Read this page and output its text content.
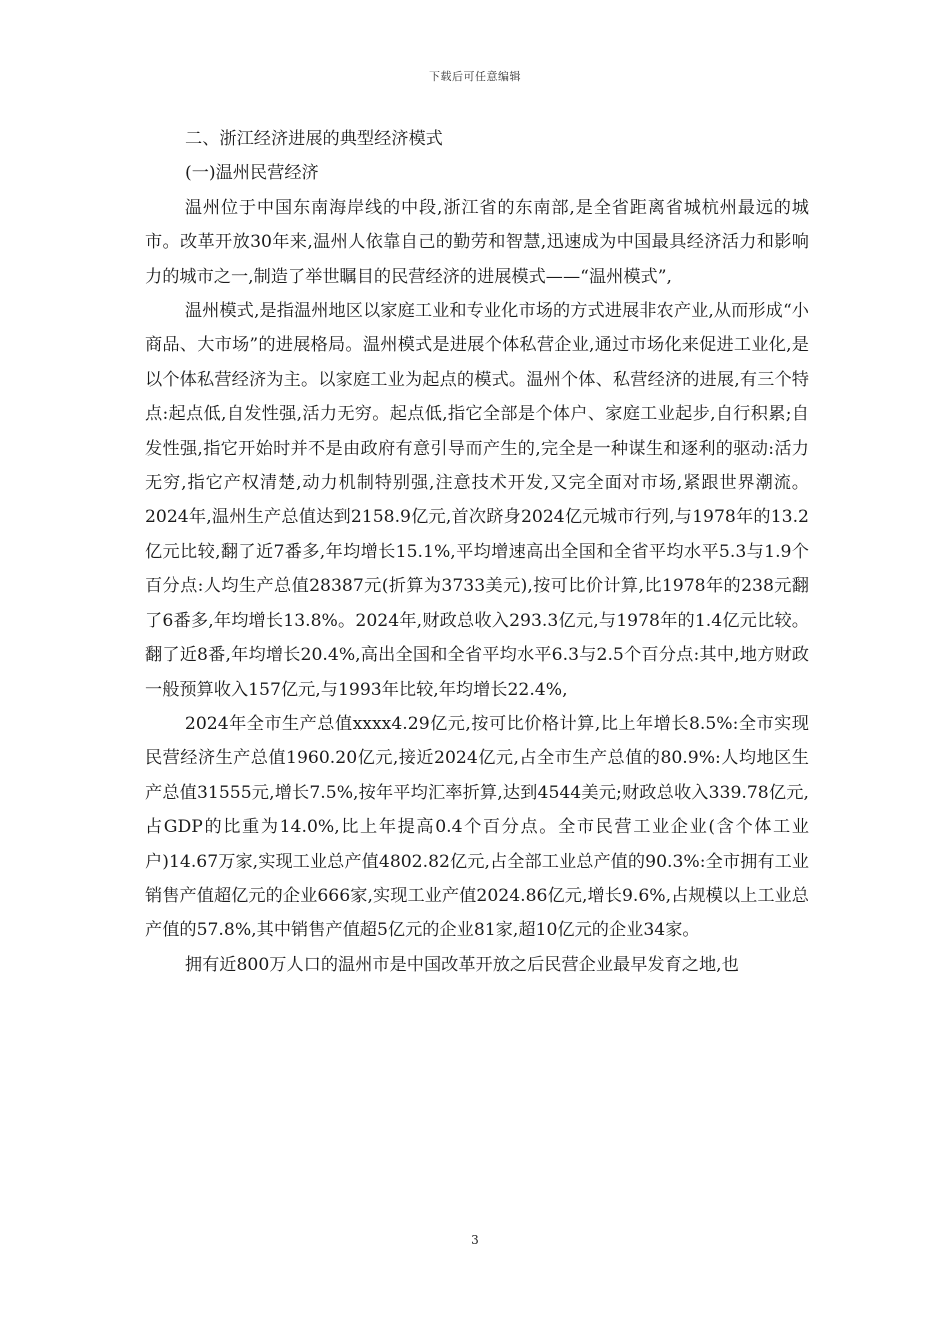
下载后可任意编辑

二、浙江经济进展的典型经济模式

(一)温州民营经济

温州位于中国东南海岸线的中段,浙江省的东南部,是全省距离省城杭州最远的城市。改革开放30年来,温州人依靠自己的勤劳和智慧,迅速成为中国最具经济活力和影响力的城市之一,制造了举世瞩目的民营经济的进展模式——“温州模式”,

温州模式,是指温州地区以家庭工业和专业化市场的方式进展非农产业,从而形成“小商品、大市场”的进展格局。温州模式是进展个体私营企业,通过市场化来促进工业化,是以个体私营经济为主。以家庭工业为起点的模式。温州个体、私营经济的进展,有三个特点:起点低,自发性强,活力无穷。起点低,指它全部是个体户、家庭工业起步,自行积累;自发性强,指它开始时并不是由政府有意引导而产生的,完全是一种谋生和逐利的驱动:活力无穷,指它产权清楚,动力机制特别强,注意技术开发,又完全面对市场,紧跟世界潮流。2024年,温州生产总值达到2158.9亿元,首次跻身2024亿元城市行列,与1978年的13.2亿元比较,翻了近7番多,年均增长15.1%,平均增速高出全国和全省平均水平5.3与1.9个百分点:人均生产总值28387元(折算为3733美元),按可比价计算,比1978年的238元翻了6番多,年均增长13.8%。2024年,财政总收入293.3亿元,与1978年的1.4亿元比较。翻了近8番,年均增长20.4%,高出全国和全省平均水平6.3与2.5个百分点:其中,地方财政一般预算收入157亿元,与1993年比较,年均增长22.4%,

2024年全市生产总值xxxx4.29亿元,按可比价格计算,比上年增长8.5%:全市实现民营经济生产总值1960.20亿元,接近2024亿元,占全市生产总值的80.9%:人均地区生产总值31555元,增长7.5%,按年平均汇率折算,达到4544美元;财政总收入339.78亿元,占GDP的比重为14.0%,比上年提高0.4个百分点。全市民营工业企业(含个体工业户)14.67万家,实现工业总产值4802.82亿元,占全部工业总产值的90.3%:全市拥有工业销售产值超亿元的企业666家,实现工业产值2024.86亿元,增长9.6%,占规模以上工业总产值的57.8%,其中销售产值超5亿元的企业81家,超10亿元的企业34家。

拥有近800万人口的温州市是中国改革开放之后民营企业最早发育之地,也

3
